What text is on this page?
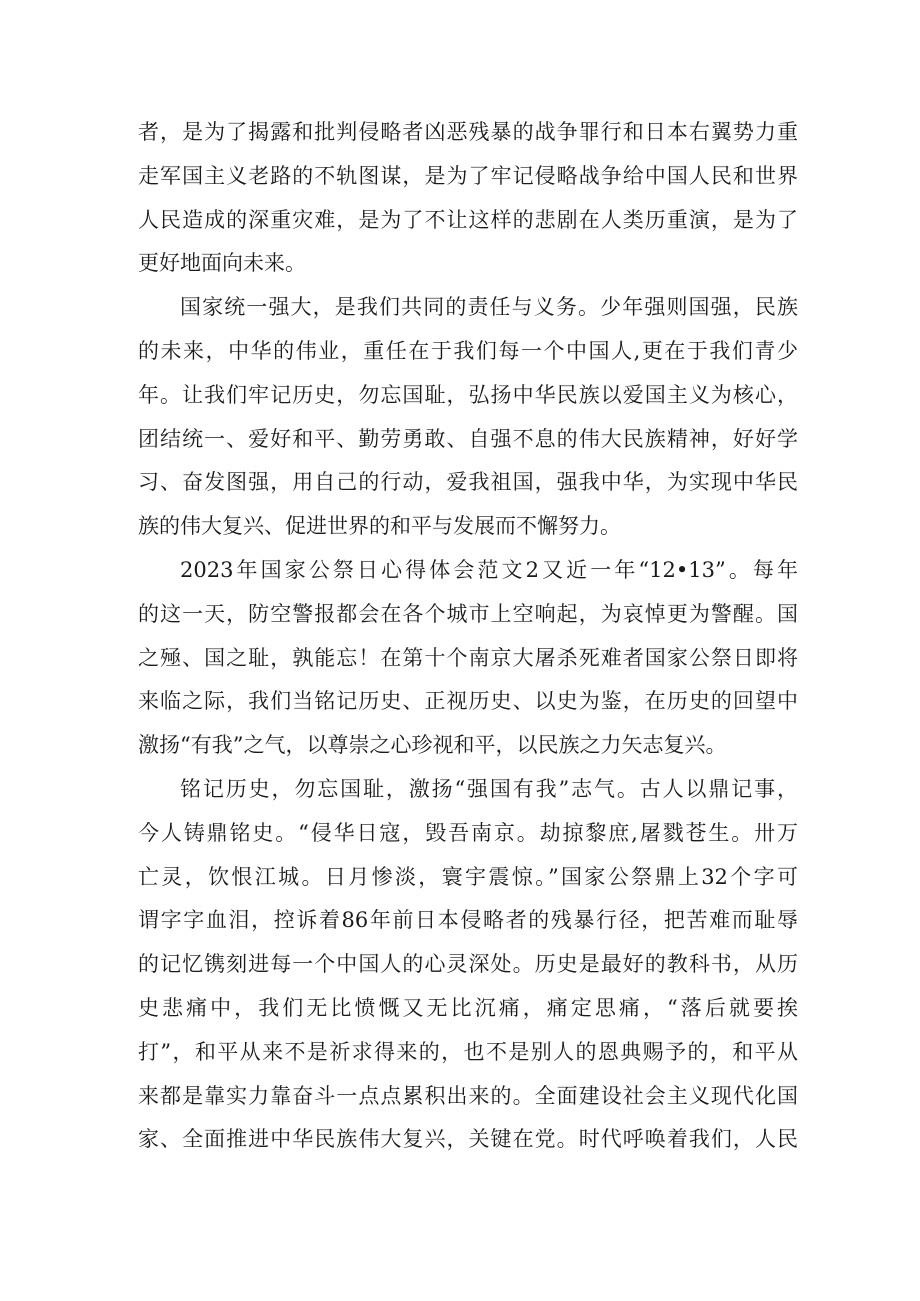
者，是为了揭露和批判侵略者凶恶残暴的战争罪行和日本右翼势力重
走军国主义老路的不轨图谋，是为了牢记侵略战争给中国人民和世界
人民造成的深重灾难，是为了不让这样的悲剧在人类历重演，是为了
更好地面向未来。
国家统一强大，是我们共同的责任与义务。少年强则国强，民族
的未来，中华的伟业，重任在于我们每一个中国人,更在于我们青少
年。让我们牢记历史，勿忘国耻，弘扬中华民族以爱国主义为核心，
团结统一、爱好和平、勤劳勇敢、自强不息的伟大民族精神，好好学
习、奋发图强，用自己的行动，爱我祖国，强我中华，为实现中华民
族的伟大复兴、促进世界的和平与发展而不懈努力。
2023年国家公祭日心得体会范文2又近一年“12•13”。每年
的这一天，防空警报都会在各个城市上空响起，为哀悼更为警醒。国
之殛、国之耻，孰能忘！在第十个南京大屠杀死难者国家公祭日即将
来临之际，我们当铭记历史、正视历史、以史为鉴，在历史的回望中
激扬“有我”之气，以尊崇之心珍视和平，以民族之力矢志复兴。
铭记历史，勿忘国耻，激扬“强国有我”志气。古人以鼎记事，
今人铸鼎铭史。“侵华日寇，毁吾南京。劫掠黎庶,屠戮苍生。卅万
亡灵，饮恨江城。日月惨淡，寰宇震惊。”国家公祭鼎上32个字可
谓字字血泪，控诉着86年前日本侵略者的残暴行径，把苦难而耻辱
的记忆镌刻进每一个中国人的心灵深处。历史是最好的教科书，从历
史悲痛中，我们无比愤慨又无比沉痛，痛定思痛，“落后就要挨
打”，和平从来不是祈求得来的，也不是别人的恩典赐予的，和平从
来都是靠实力靠奋斗一点点累积出来的。全面建设社会主义现代化国
家、全面推进中华民族伟大复兴，关键在党。时代呼唤着我们，人民
